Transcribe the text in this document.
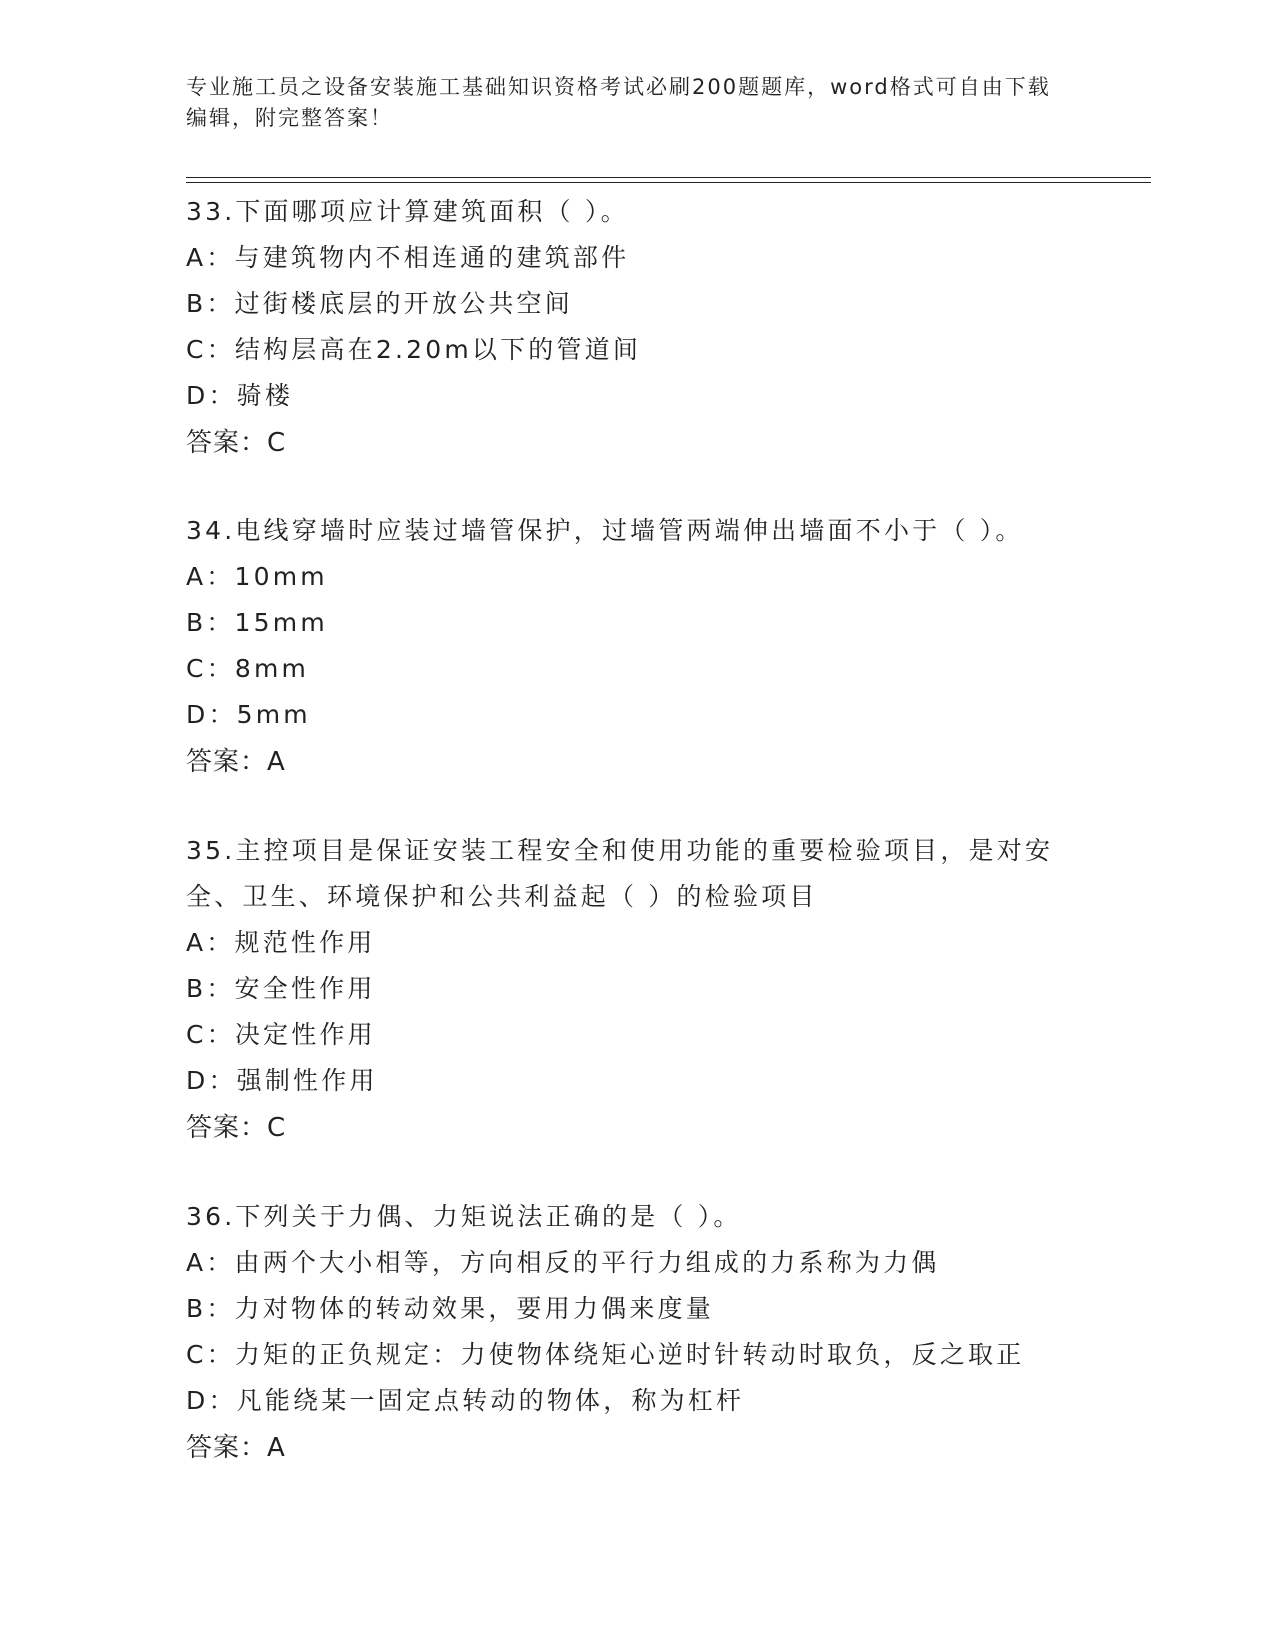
专业施工员之设备安装施工基础知识资格考试必刷200题题库，word格式可自由下载编辑，附完整答案！
33.下面哪项应计算建筑面积（ ）。
A：与建筑物内不相连通的建筑部件
B：过街楼底层的开放公共空间
C：结构层高在2.20m以下的管道间
D：骑楼
答案：C
34.电线穿墙时应装过墙管保护，过墙管两端伸出墙面不小于（ ）。
A：10mm
B：15mm
C：8mm
D：5mm
答案：A
35.主控项目是保证安装工程安全和使用功能的重要检验项目，是对安全、卫生、环境保护和公共利益起（ ）的检验项目
A：规范性作用
B：安全性作用
C：决定性作用
D：强制性作用
答案：C
36.下列关于力偶、力矩说法正确的是（ ）。
A：由两个大小相等，方向相反的平行力组成的力系称为力偶
B：力对物体的转动效果，要用力偶来度量
C：力矩的正负规定：力使物体绕矩心逆时针转动时取负，反之取正
D：凡能绕某一固定点转动的物体，称为杠杆
答案：A
